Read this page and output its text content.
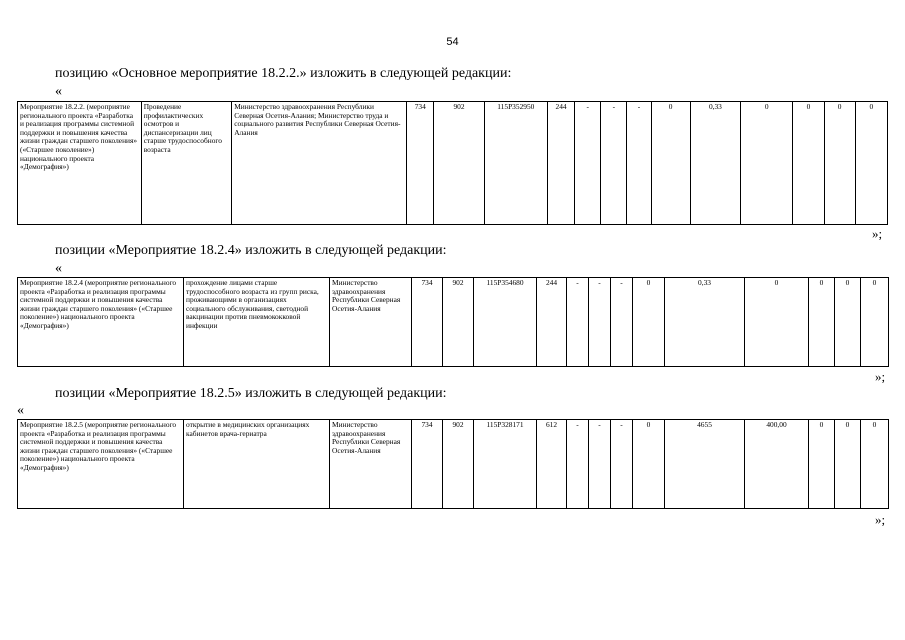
54
позицию «Основное мероприятие 18.2.2.» изложить в следующей редакции:
«
Мероприятие 18.2.2. (мероприятие регионального проекта «Разработка и реализация программы системной поддержки и повышения качества жизни граждан старшего поколения» («Старшее поколение») национального проекта «Демография»)	Проведение профилактических осмотров и диспансеризации лиц старше трудоспособного возраста	Министерство здравоохранения Республики Северная Осетия-Алания; Министерство труда и социального развития Республики Северная Осетия-Алания	734	902	115P352950	244	-	-	-	0	0,33	0	0	0	0
»;
позиции «Мероприятие 18.2.4» изложить в следующей редакции:
«
Мероприятие 18.2.4 (мероприятие регионального проекта «Разработка и реализация программы системной поддержки и повышения качества жизни граждан старшего поколения» («Старшее поколение») национального проекта «Демография»)	прохождение лицами старше трудоспособного возраста из групп риска, проживающими в организациях социального обслуживания, светодной вакцинации против пневмококковой инфекции	Министерство здравоохранения Республики Северная Осетия-Алания	734	902	115P354680	244	-	-	-	0	0,33	0	0	0	0
»;
позиции «Мероприятие 18.2.5» изложить в следующей редакции:
«
Мероприятие 18.2.5 (мероприятие регионального проекта «Разработка и реализация программы системной поддержки и повышения качества жизни граждан старшего поколения» («Старшее поколение») национального проекта «Демография»)	открытие в медицинских организациях кабинетов врача-гериатра	Министерство здравоохранения Республики Северная Осетия-Алания	734	902	115P328171	612	-	-	-	0	4655	400,00	0	0	0
»;
